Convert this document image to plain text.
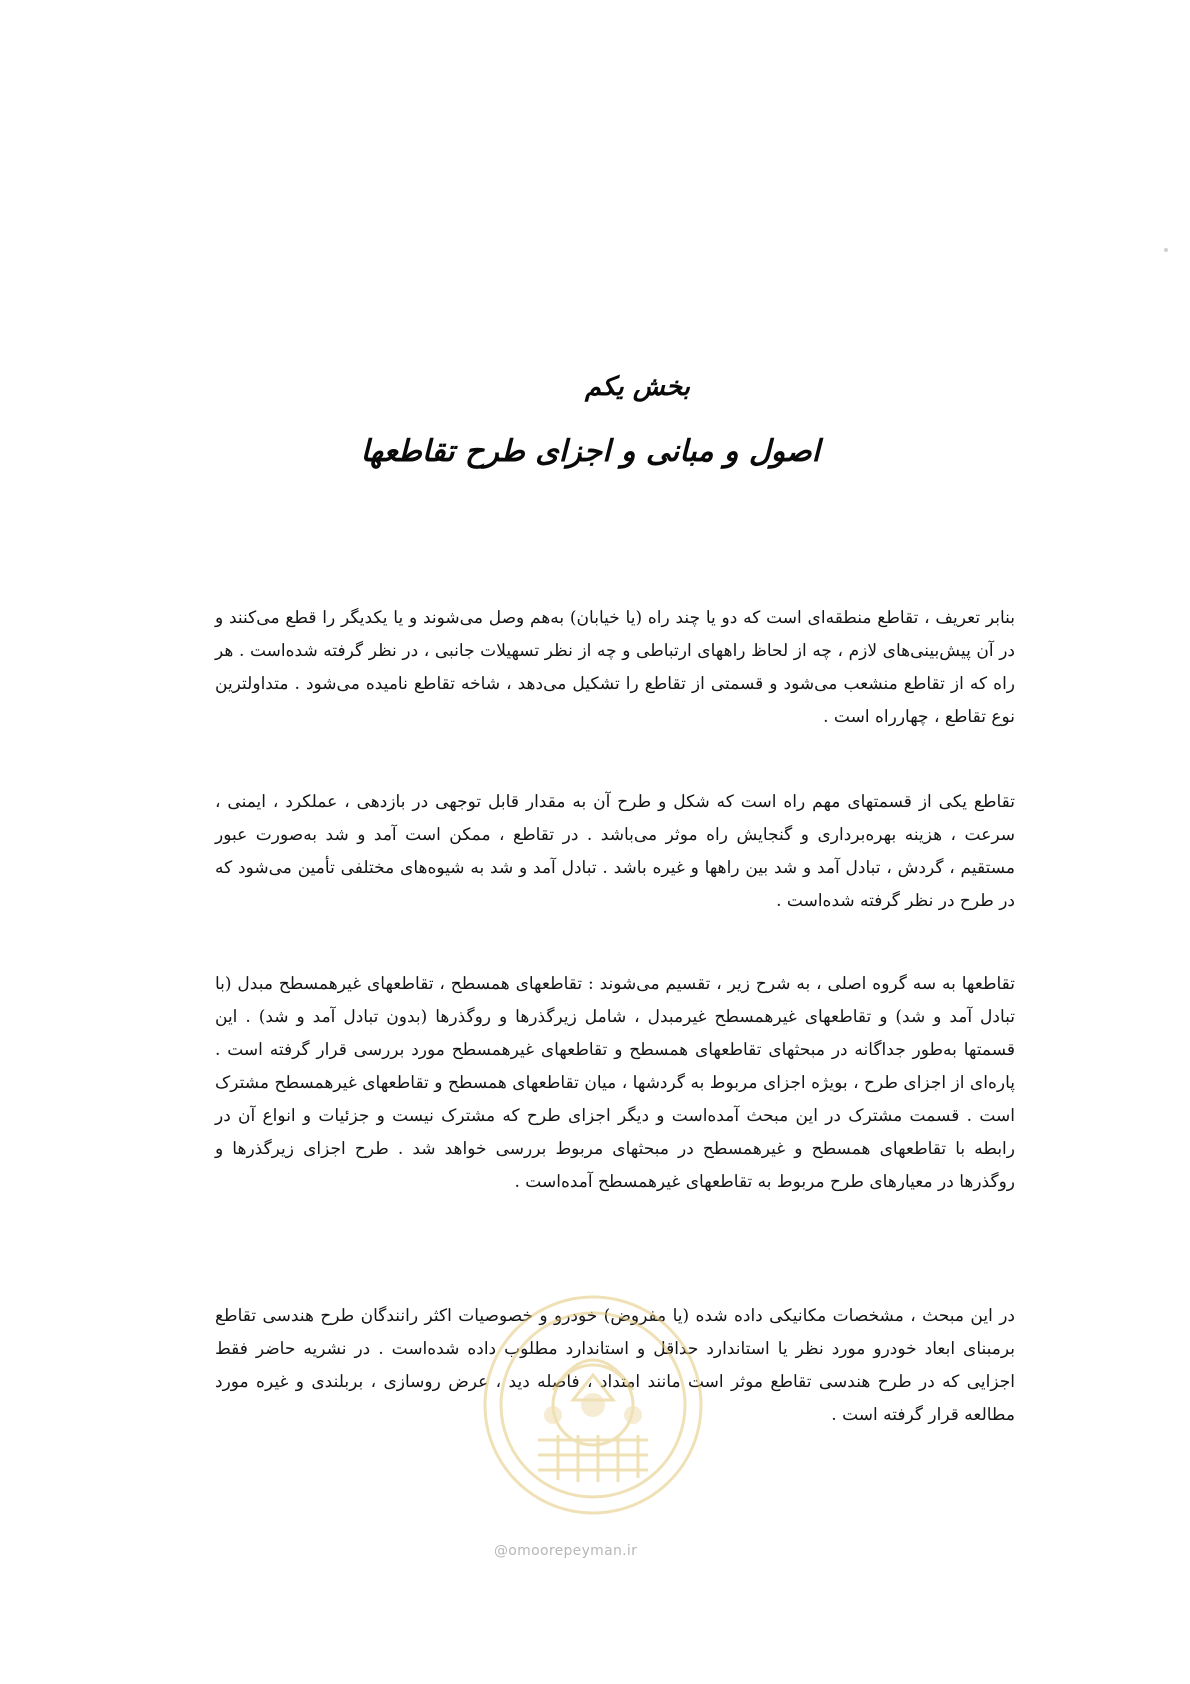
بخش یکم
اصول و مبانی و اجزای طرح تقاطعها

بنابر تعریف ، تقاطع منطقه‌ای است که دو یا چند راه (یا خیابان) به‌هم وصل می‌شوند و یا یکدیگر را قطع می‌کنند و در آن پیش‌بینی‌های لازم ، چه از لحاظ راههای ارتباطی و چه از نظر تسهیلات جانبی ، در نظر گرفته شده‌است . هر راه که از تقاطع منشعب می‌شود و قسمتی از تقاطع را تشکیل می‌دهد ، شاخه تقاطع نامیده می‌شود . متداولترین نوع تقاطع ، چهارراه است .

تقاطع یکی از قسمتهای مهم راه است که شکل و طرح آن به مقدار قابل توجهی در بازدهی ، عملکرد ، ایمنی ، سرعت ، هزینه بهره‌برداری و گنجایش راه موثر می‌باشد . در تقاطع ، ممکن است آمد و شد به‌صورت عبور مستقیم ، گردش ، تبادل آمد و شد بین راهها و غیره باشد . تبادل آمد و شد به شیوه‌های مختلفی تأمین می‌شود که در طرح در نظر گرفته شده‌است .

تقاطعها به سه گروه اصلی ، به شرح زیر ، تقسیم می‌شوند : تقاطعهای همسطح ، تقاطعهای غیرهمسطح مبدل (با تبادل آمد و شد) و تقاطعهای غیرهمسطح غیرمبدل ، شامل زیرگذرها و روگذرها (بدون تبادل آمد و شد) . این قسمتها به‌طور جداگانه در مبحثهای تقاطعهای همسطح و تقاطعهای غیرهمسطح مورد بررسی قرار گرفته است . پاره‌ای از اجزای طرح ، بویژه اجزای مربوط به گردشها ، میان تقاطعهای همسطح و تقاطعهای غیرهمسطح مشترک است . قسمت مشترک در این مبحث آمده‌است و دیگر اجزای طرح که مشترک نیست و جزئیات و انواع آن در رابطه با تقاطعهای همسطح و غیرهمسطح در مبحثهای مربوط بررسی خواهد شد . طرح اجزای زیرگذرها و روگذرها در معیارهای طرح مربوط به تقاطعهای غیرهمسطح آمده‌است .

در این مبحث ، مشخصات مکانیکی داده شده (یا مفروض) خودرو و خصوصیات اکثر رانندگان طرح هندسی تقاطع برمبنای ابعاد خودرو مورد نظر یا استاندارد حداقل و استاندارد مطلوب داده شده‌است . در نشریه حاضر فقط اجزایی که در طرح هندسی تقاطع موثر است مانند امتداد ، فاصله دید ، عرض روسازی ، بربلندی و غیره مورد مطالعه قرار گرفته است .

@omoorepeyman.ir
